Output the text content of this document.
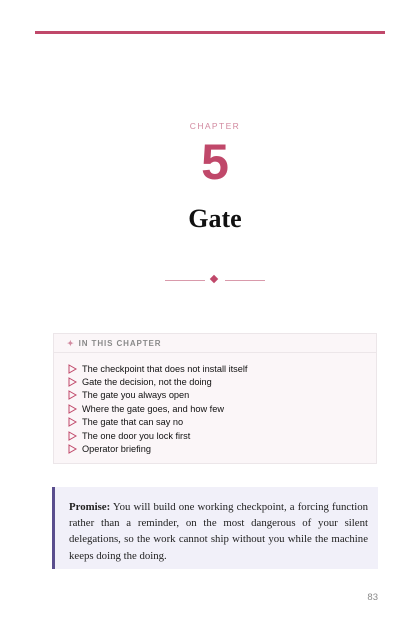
CHAPTER
5
Gate
✦ IN THIS CHAPTER
The checkpoint that does not install itself
Gate the decision, not the doing
The gate you always open
Where the gate goes, and how few
The gate that can say no
The one door you lock first
Operator briefing
Promise: You will build one working checkpoint, a forcing function rather than a reminder, on the most dangerous of your silent delegations, so the work cannot ship without you while the machine keeps doing the doing.
83
